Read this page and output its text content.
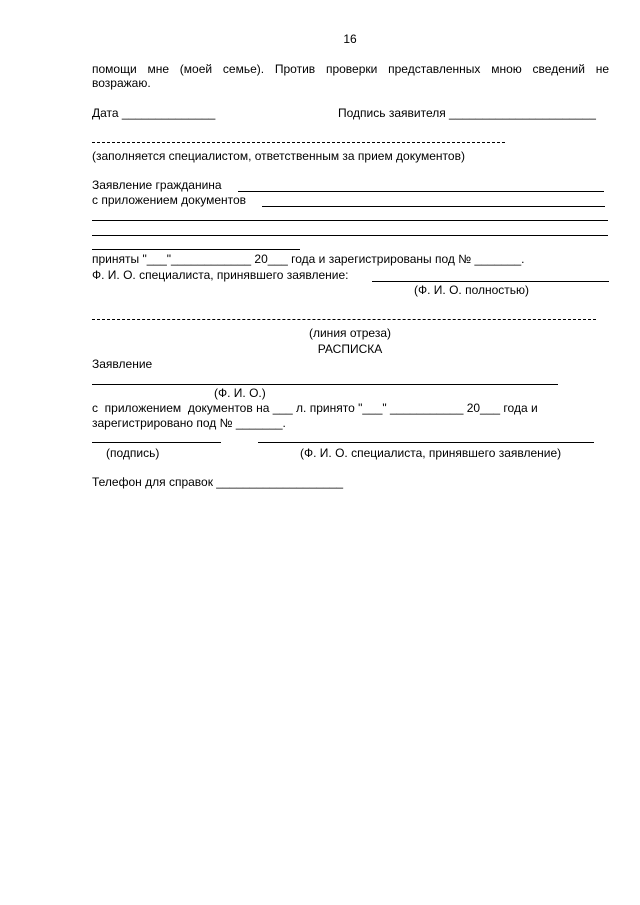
16
помощи мне (моей семье). Против проверки представленных мною сведений не
возражаю.
Дата ______________	Подпись заявителя ______________________
(заполняется специалистом, ответственным за прием документов)
Заявление гражданина
с приложением документов
приняты "___"____________ 20___ года и зарегистрированы под № _______.
Ф. И. О. специалиста, принявшего заявление:
(Ф. И. О. полностью)
(линия отреза)
РАСПИСКА
Заявление
(Ф. И. О.)
с  приложением  документов на ___ л. принято "___" ___________ 20___ года и
зарегистрировано под № _______.
(подпись)	(Ф. И. О. специалиста, принявшего заявление)
Телефон для справок ___________________
